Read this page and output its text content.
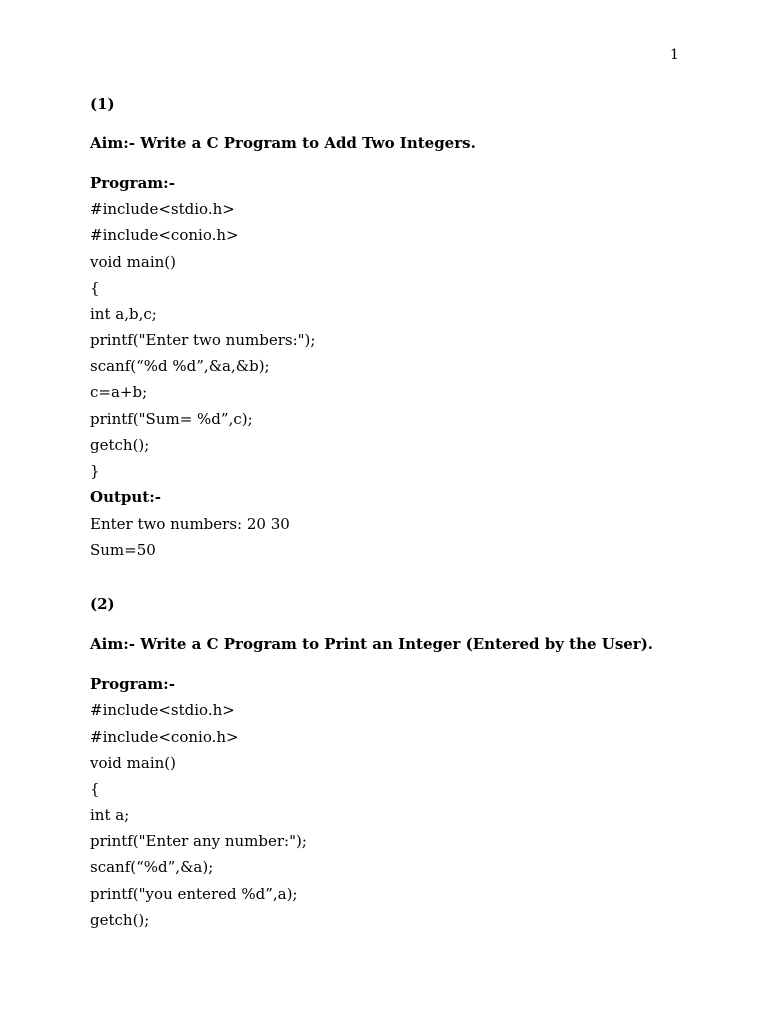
1
(1)
Aim:- Write a C Program to Add Two Integers.
Program:-
#include<stdio.h>
#include<conio.h>
void main()
{
int a,b,c;
printf("Enter two numbers:");
scanf(“%d %d”,&a,&b);
c=a+b;
printf("Sum= %d”,c);
getch();
}
Output:-
Enter two numbers: 20 30
Sum=50
(2)
Aim:- Write a C Program to Print an Integer (Entered by the User).
Program:-
#include<stdio.h>
#include<conio.h>
void main()
{
int a;
printf("Enter any number:");
scanf(“%d”,&a);
printf("you entered %d”,a);
getch();
